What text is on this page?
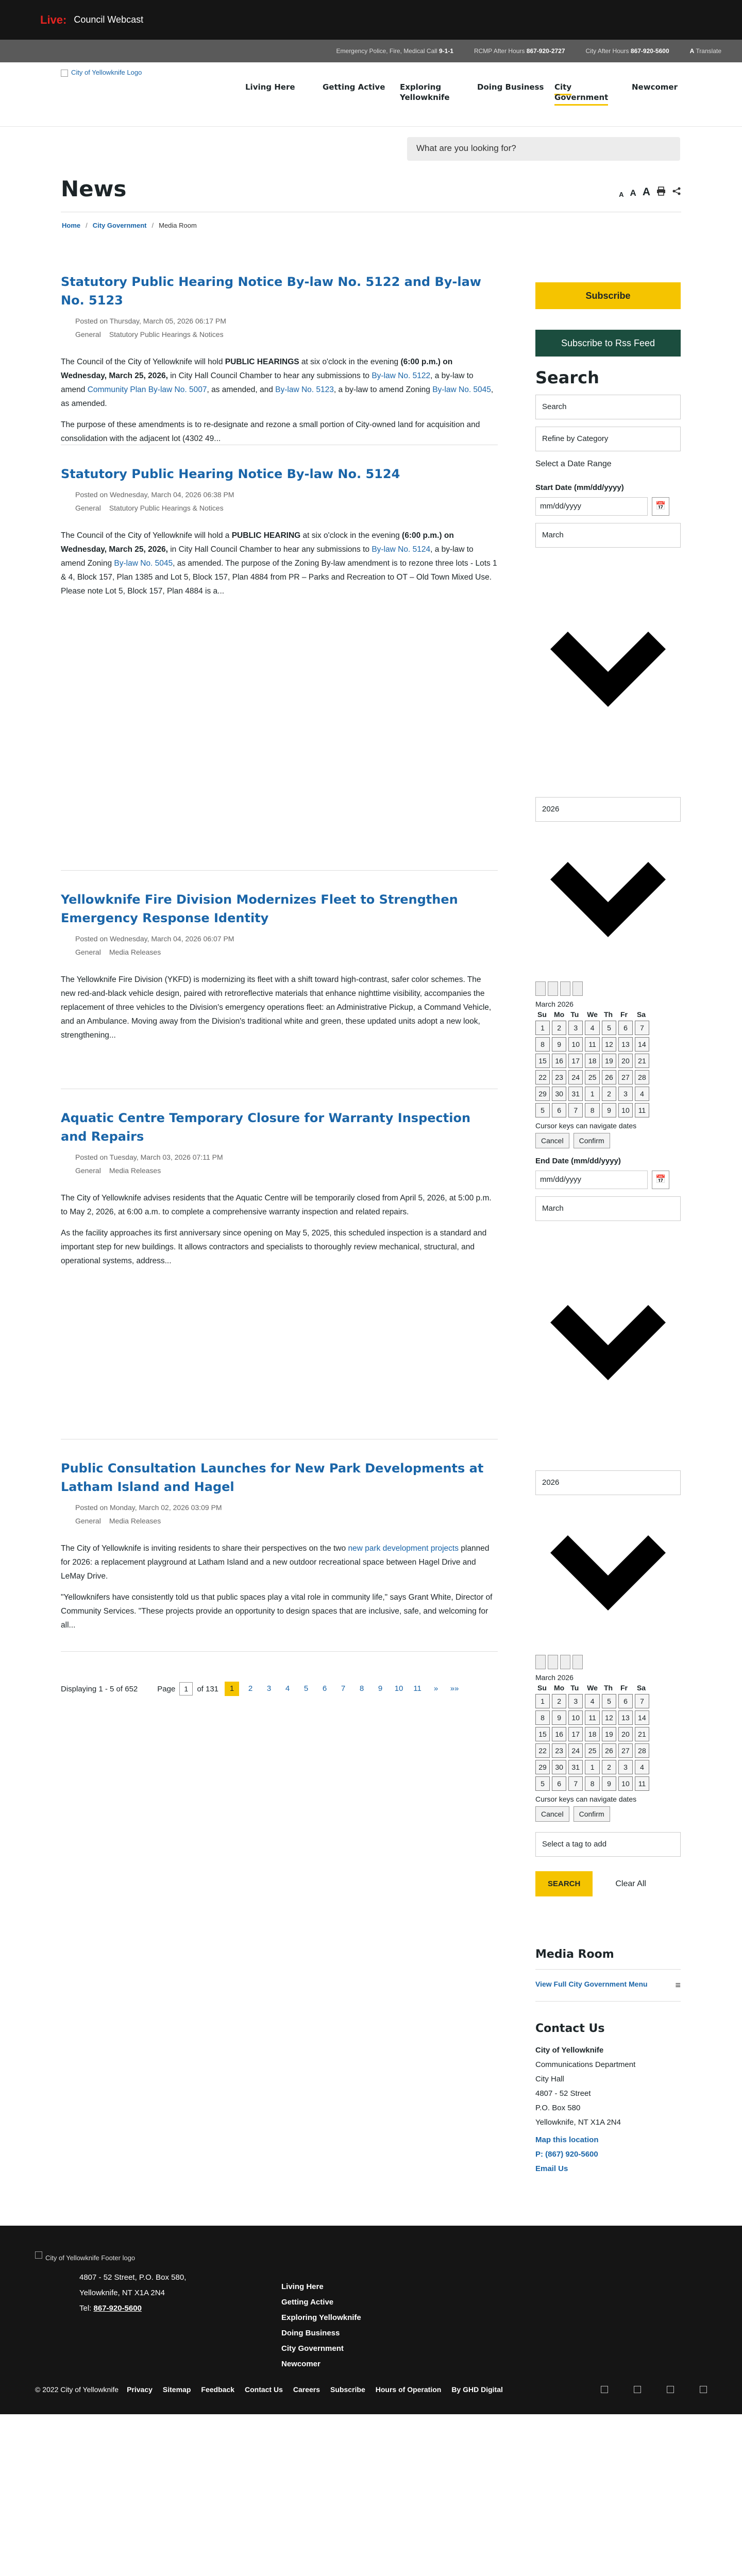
Live: Council Webcast
Emergency Police, Fire, Medical Call 9-1-1	RCMP After Hours 867-920-2727	City After Hours 867-920-5600	A Translate
City of Yellowknife Logo
Living Here	Getting Active	Exploring Yellowknife
Doing Business	City Government
Newcomer
What are you looking for?
News	A A A
Home / City Government / Media Room
Statutory Public Hearing Notice By-law No. 5122 and By-law No. 5123
Posted on Thursday, March 05, 2026 06:17 PM
General Statutory Public Hearings & Notices

The Council of the City of Yellowknife will hold PUBLIC HEARINGS at six o'clock in the evening (6:00 p.m.) on Wednesday, March 25, 2026, in City Hall Council Chamber to hear any submissions to By-law No. 5122, a by-law to amend Community Plan By-law No. 5007, as amended, and By-law No. 5123, a by-law to amend Zoning By-law No. 5045, as amended.

The purpose of these amendments is to re-designate and rezone a small portion of City-owned land for acquisition and consolidation with the adjacent lot (4302 49...

Statutory Public Hearing Notice By-law No. 5124
Posted on Wednesday, March 04, 2026 06:38 PM
General Statutory Public Hearings & Notices

The Council of the City of Yellowknife will hold a PUBLIC HEARING at six o'clock in the evening (6:00 p.m.) on Wednesday, March 25, 2026, in City Hall Council Chamber to hear any submissions to By-law No. 5124, a by-law to amend Zoning By-law No. 5045, as amended. The purpose of the Zoning By-law amendment is to rezone three lots - Lots 1 & 4, Block 157, Plan 1385 and Lot 5, Block 157, Plan 4884 from PR – Parks and Recreation to OT – Old Town Mixed Use. Please note Lot 5, Block 157, Plan 4884 is a...

Yellowknife Fire Division Modernizes Fleet to Strengthen Emergency Response Identity
Posted on Wednesday, March 04, 2026 06:07 PM
General Media Releases

The Yellowknife Fire Division (YKFD) is modernizing its fleet with a shift toward high-contrast, safer color schemes. The new red-and-black vehicle design, paired with retroreflective materials that enhance nighttime visibility, accompanies the replacement of three vehicles to the Division's emergency operations fleet: an Administrative Pickup, a Command Vehicle, and an Ambulance. Moving away from the Division's traditional white and green, these updated units adopt a new look, strengthening...

Aquatic Centre Temporary Closure for Warranty Inspection and Repairs
Posted on Tuesday, March 03, 2026 07:11 PM
General Media Releases

The City of Yellowknife advises residents that the Aquatic Centre will be temporarily closed from April 5, 2026, at 5:00 p.m. to May 2, 2026, at 6:00 a.m. to complete a comprehensive warranty inspection and related repairs.

As the facility approaches its first anniversary since opening on May 5, 2025, this scheduled inspection is a standard and important step for new buildings. It allows contractors and specialists to thoroughly review mechanical, structural, and operational systems, address...

Public Consultation Launches for New Park Developments at Latham Island and Hagel
Posted on Monday, March 02, 2026 03:09 PM
General Media Releases

The City of Yellowknife is inviting residents to share their perspectives on the two new park development projects planned for 2026: a replacement playground at Latham Island and a new outdoor recreational space between Hagel Drive and LeMay Drive.

"Yellowknifers have consistently told us that public spaces play a vital role in community life," says Grant White, Director of Community Services. "These projects provide an opportunity to design spaces that are inclusive, safe, and welcoming for all...

Displaying 1 - 5 of 652	Page	1	of 131	1	2	3	4	5	6	7	8	9	10	11	»	»»
Subscribe
Subscribe to Rss Feed
Search
Search
Refine by Category
Select a Date Range
Start Date (mm/dd/yyyy)
mm/dd/yyyy	📅
March
2026
March 2026
Su	Mo	Tu	We	Th	Fr	Sa
1	2	3	4	5	6	7
8	9	10	11	12	13	14
15	16	17	18	19	20	21
22	23	24	25	26	27	28
29	30	31	1	2	3	4
5	6	7	8	9	10	11
Cursor keys can navigate dates
Cancel	Confirm
End Date (mm/dd/yyyy)
mm/dd/yyyy	📅
March
2026
March 2026
Su	Mo	Tu	We	Th	Fr	Sa
1	2	3	4	5	6	7
8	9	10	11	12	13	14
15	16	17	18	19	20	21
22	23	24	25	26	27	28
29	30	31	1	2	3	4
5	6	7	8	9	10	11
Cursor keys can navigate dates
Cancel	Confirm
Select a tag to add
SEARCH	Clear All
Media Room
View Full City Government Menu	≡
Contact Us
City of Yellowknife
Communications Department
City Hall
4807 - 52 Street
P.O. Box 580
Yellowknife, NT X1A 2N4
Map this location
P: (867) 920-5600
Email Us
City of Yellowknife Footer logo
4807 - 52 Street, P.O. Box 580,
Yellowknife, NT X1A 2N4
Tel: 867-920-5600
Living Here
Getting Active
Exploring Yellowknife
Doing Business
City Government
Newcomer
© 2022 City of Yellowknife Privacy Sitemap Feedback Contact Us Careers Subscribe Hours of Operation By GHD Digital
